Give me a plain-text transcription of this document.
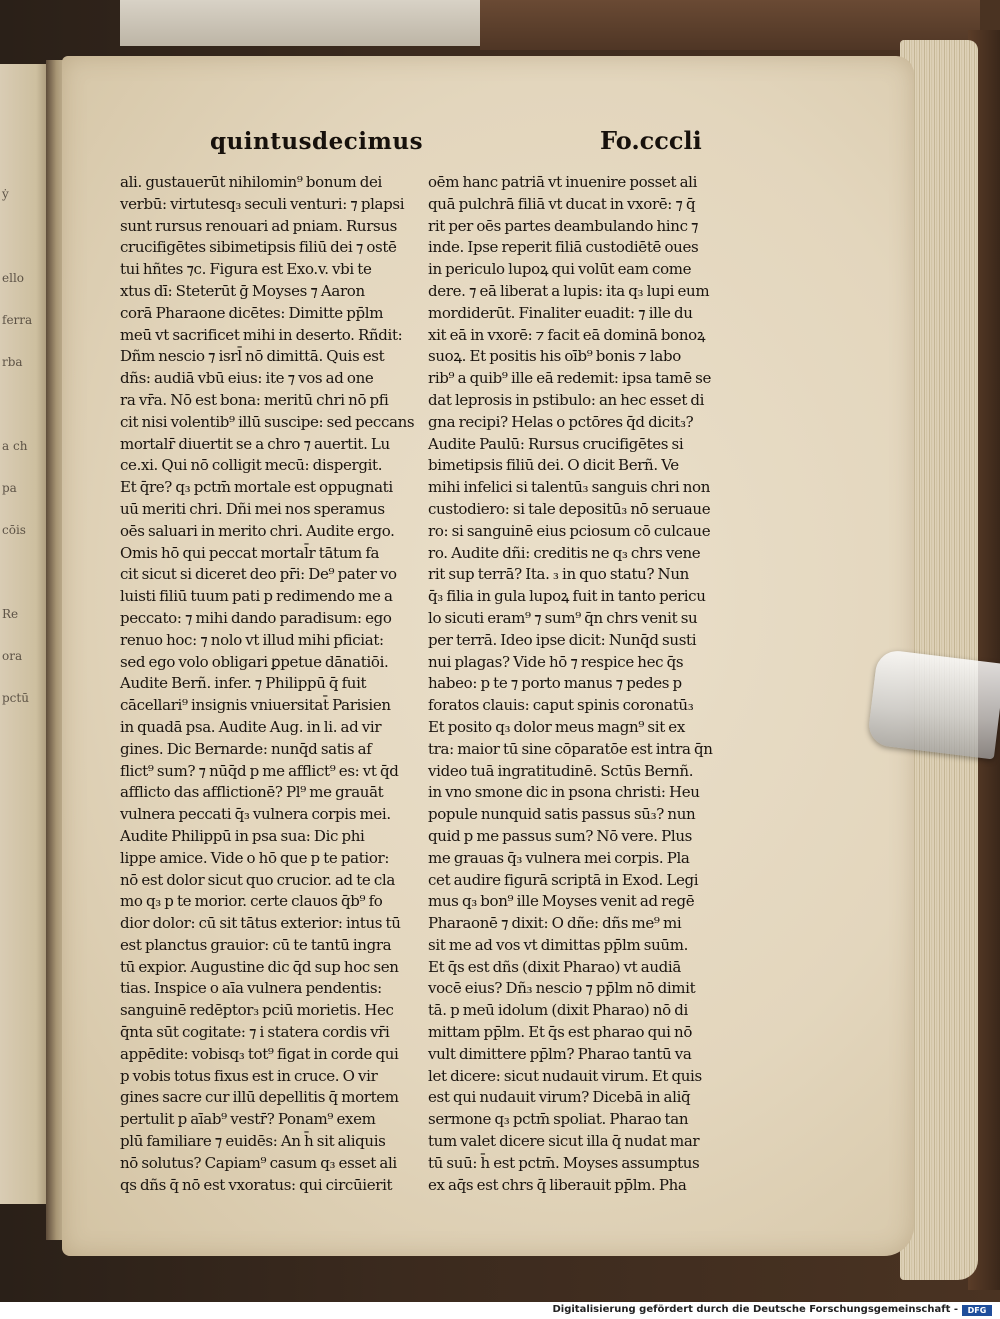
ẏ
ello
ferra
rba
a ch
pa
cōis
Re
ora
pctū
quintusdecimus	Fo.cccli
ali. gustauerūt nihilomin⁹ bonum dei
verbū: virtutesq₃ seculi venturi: ⁊ plapsi
sunt rursus renouari ad pniam. Rursus
crucifigētes sibimetipsis filiū dei ⁊ ostē
tui hñtes ⁊c. Figura est Exo.v. vbi te
xtus dī: Steterūt ḡ Moyses ⁊ Aaron
corā Pharaone dicētes: Dimitte pp̄lm
meū vt sacrificet mihi in deserto. Rñdit:
Dñm nescio ⁊ isrl̄ nō dimittā. Quis est
dñs: audiā vbū eius: ite ⁊ vos ad one
ra vr̄a. Nō est bona: meritū chri nō pfi
cit nisi volentib⁹ illū suscipe: sed peccans
mortalr̄ diuertit se a chro ⁊ auertit. Lu
ce.xi. Qui nō colligit mecū: dispergit.
Et q̄re? q₃ pctm̄ mortale est oppugnati
uū meriti chri. Dñi mei nos speramus
oēs saluari in merito chri. Audite ergo.
Omis hō qui peccat mortal̄r tātum fa
cit sicut si diceret deo pr̄i: De⁹ pater vo
luisti filiū tuum pati p redimendo me a
peccato: ⁊ mihi dando paradisum: ego
renuo hoc: ⁊ nolo vt illud mihi pficiat:
sed ego volo obligari ꝑpetue dānatiōi.
Audite Berñ. infer. ⁊ Philippū q̄ fuit
cācellari⁹ insignis vniuersitat̄ Parisien
in quadā psa. Audite Aug. in li. ad vir
gines. Dic Bernarde: nunq̄d satis af
flict⁹ sum? ⁊ nūq̄d p me afflict⁹ es: vt q̄d
afflicto das afflictionē? Pl⁹ me grauāt
vulnera peccati q̄₃ vulnera corpis mei.
Audite Philippū in psa sua: Dic phi
lippe amice. Vide o hō que p te patior:
nō est dolor sicut quo crucior. ad te cla
mo q₃ p te morior. certe clauos q̄b⁹ fo
dior dolor: cū sit tātus exterior: intus tū
est planctus grauior: cū te tantū ingra
tū expior. Augustine dic q̄d sup hoc sen
tias. Inspice o aīa vulnera pendentis:
sanguinē redēptor₃ pciū morietis. Hec
q̄nta sūt cogitate: ⁊ i statera cordis vr̄i
appēdite: vobisq₃ tot⁹ figat in corde qui
p vobis totus fixus est in cruce. O vir
gines sacre cur illū depellitis q̄ mortem
pertulit p aīab⁹ vestr̄? Ponam⁹ exem
plū familiare ⁊ euidēs: An h̄ sit aliquis
nō solutus? Capiam⁹ casum q₃ esset ali
qs dñs q̄ nō est vxoratus: qui circūierit
oēm hanc patriā vt inuenire posset ali
quā pulchrā filiā vt ducat in vxorē: ⁊ q̄
rit per oēs partes deambulando hinc ⁊
inde. Ipse reperit filiā custodiētē oues
in periculo lupoꝝ qui volūt eam come
dere. ⁊ eā liberat a lupis: ita q₃ lupi eum
mordiderūt. Finaliter euadit: ⁊ ille du
xit eā in vxorē: ⁊ facit eā dominā bonoꝝ
suoꝝ. Et positis his oīb⁹ bonis ⁊ labo
rib⁹ a quib⁹ ille eā redemit: ipsa tamē se
dat leprosis in pstibulo: an hec esset di
gna recipi? Helas o pctōres q̄d dicit₃?
Audite Paulū: Rursus crucifigētes si
bimetipsis filiū dei. O dicit Berñ. Ve
mihi infelici si talentū₃ sanguis chri non
custodiero: si tale depositū₃ nō seruaue
ro: si sanguinē eius pciosum cō culcaue
ro. Audite dñi: creditis ne q₃ chrs vene
rit sup terrā? Ita. ₃ in quo statu? Nun
q̄₃ filia in gula lupoꝝ fuit in tanto pericu
lo sicuti eram⁹ ⁊ sum⁹ q̄n chrs venit su
per terrā. Ideo ipse dicit: Nunq̄d susti
nui plagas? Vide hō ⁊ respice hec q̄s
habeo: p te ⁊ porto manus ⁊ pedes p
foratos clauis: caput spinis coronatū₃
Et posito q₃ dolor meus magn⁹ sit ex
tra: maior tū sine cōparatōe est intra q̄n
video tuā ingratitudinē. Sctūs Bernñ.
in vno smone dic in psona christi: Heu
popule nunquid satis passus sū₃? nun
quid p me passus sum? Nō vere. Plus
me grauas q̄₃ vulnera mei corpis. Pla
cet audire figurā scriptā in Exod. Legi
mus q₃ bon⁹ ille Moyses venit ad regē
Pharaonē ⁊ dixit: O dñe: dñs me⁹ mi
sit me ad vos vt dimittas pp̄lm suūm.
Et q̄s est dñs (dixit Pharao) vt audiā
vocē eius? Dñ₃ nescio ⁊ pp̄lm nō dimit
tā. p meū idolum (dixit Pharao) nō di
mittam pp̄lm. Et q̄s est pharao qui nō
vult dimittere pp̄lm? Pharao tantū va
let dicere: sicut nudauit virum. Et quis
est qui nudauit virum? Dicebā in aliq̄
sermone q₃ pctm̄ spoliat. Pharao tan
tum valet dicere sicut illa q̄ nudat mar
tū suū: h̄ est pctm̄. Moyses assumptus
ex aq̄s est chrs q̄ liberauit pp̄lm. Pha
Digitalisierung gefördert durch die Deutsche Forschungsgemeinschaft -	DFG
